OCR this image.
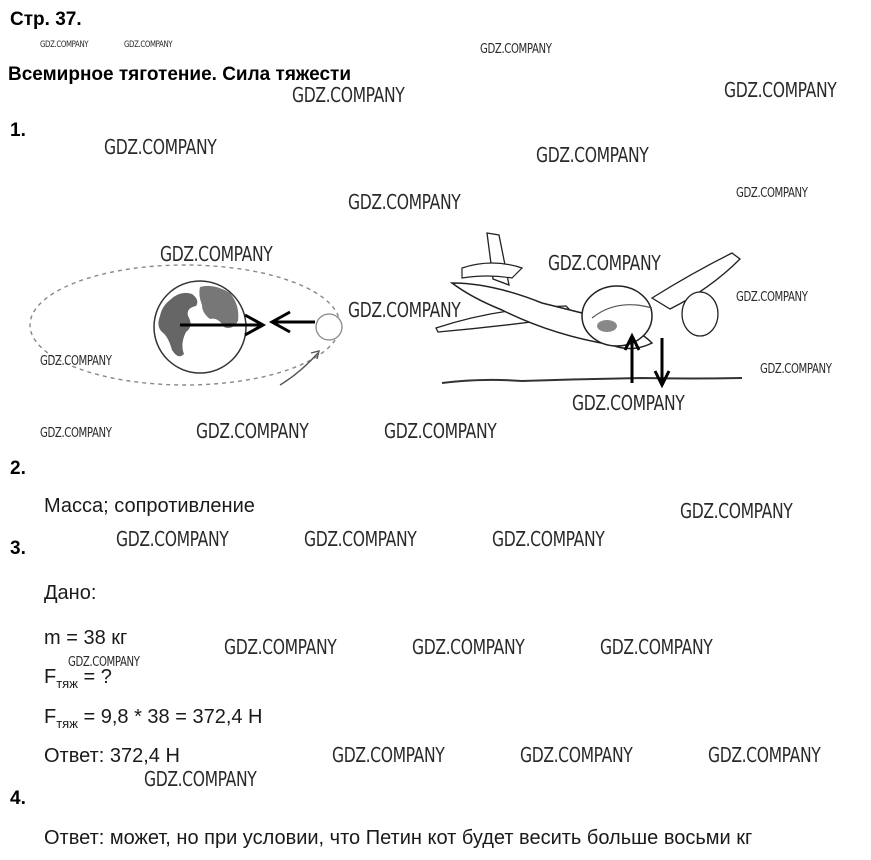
Стр. 37.
Всемирное тяготение. Сила тяжести
1.
2.
Масса; сопротивление
3.
Дано:
m = 38 кг
$F_{тяж}$ = ?
$F_{тяж} = 9,8 * 38 = 372,4$ Н
Ответ: 372,4 Н
4.
Ответ: может, но при условии, что Петин кот будет весить больше восьми кг
GDZ.COMPANY	GDZ.COMPANY	GDZ.COMPANY
GDZ.COMPANY	GDZ.COMPANY
GDZ.COMPANY	GDZ.COMPANY
GDZ.COMPANY	GDZ.COMPANY
GDZ.COMPANY	GDZ.COMPANY
GDZ.COMPANY
GDZ.COMPANY
GDZ.COMPANY
GDZ.COMPANY
GDZ.COMPANY
GDZ.COMPANY	GDZ.COMPANY	GDZ.COMPANY
GDZ.COMPANY
GDZ.COMPANY	GDZ.COMPANY	GDZ.COMPANY
GDZ.COMPANY	GDZ.COMPANY	GDZ.COMPANY
GDZ.COMPANY
GDZ.COMPANY	GDZ.COMPANY	GDZ.COMPANY
GDZ.COMPANY
